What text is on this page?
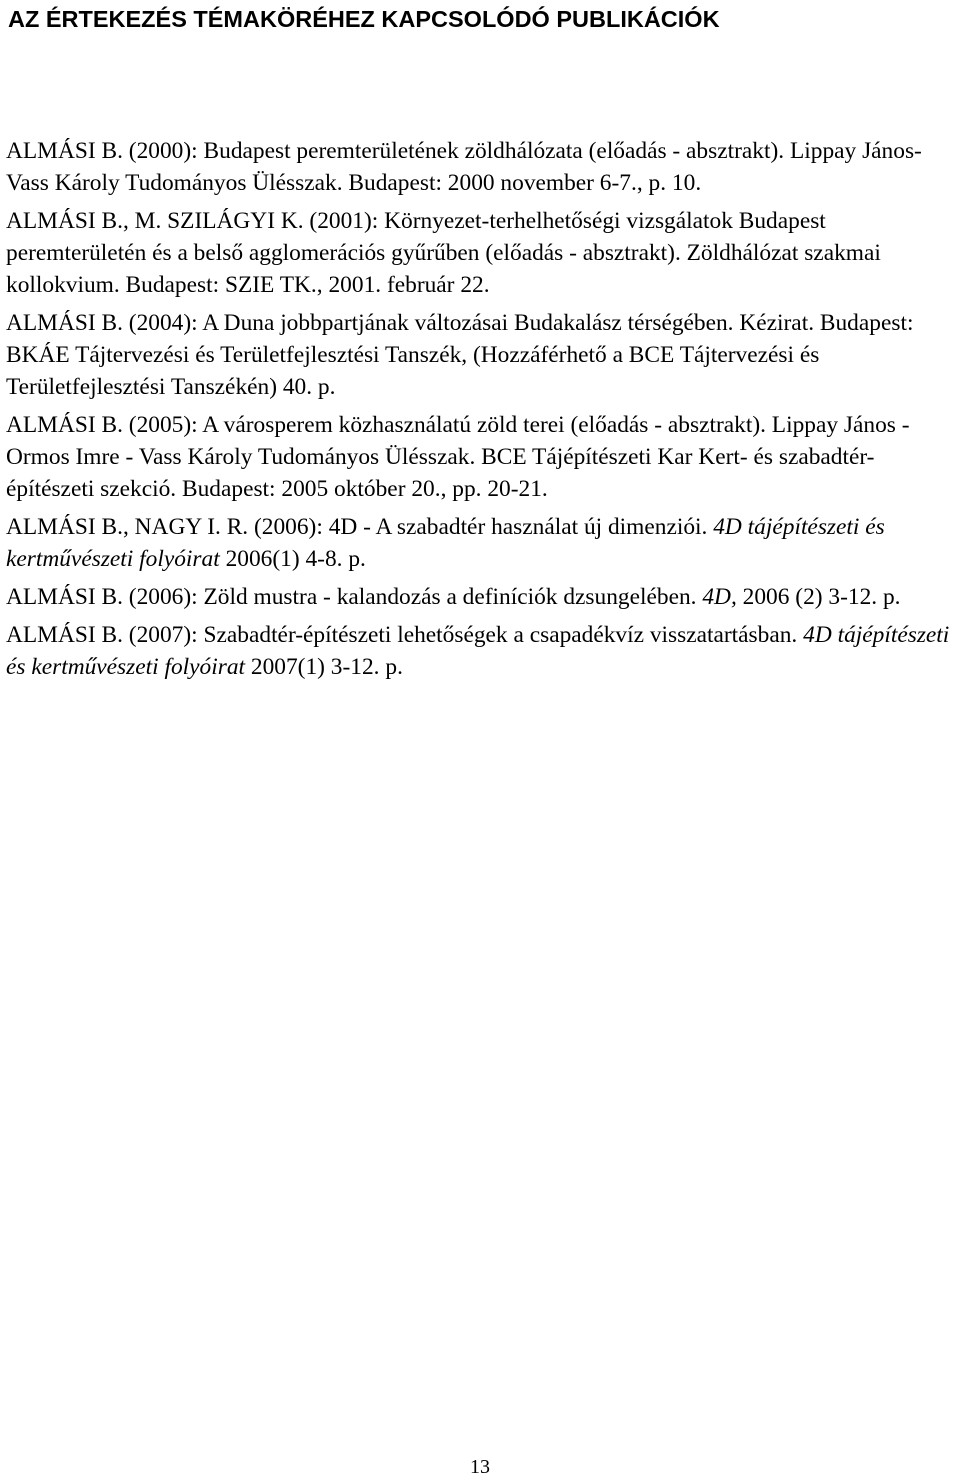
AZ ÉRTEKEZÉS TÉMAKÖRÉHEZ KAPCSOLÓDÓ PUBLIKÁCIÓK

ALMÁSI B. (2000): Budapest peremterületének zöldhálózata (előadás - absztrakt). Lippay János-Vass Károly Tudományos Ülésszak. Budapest: 2000 november 6-7., p. 10.

ALMÁSI B., M. SZILÁGYI K. (2001): Környezet-terhelhetőségi vizsgálatok Budapest peremterületén és a belső agglomerációs gyűrűben (előadás - absztrakt). Zöldhálózat szakmai kollokvium. Budapest: SZIE TK., 2001. február 22.

ALMÁSI B. (2004): A Duna jobbpartjának változásai Budakalász térségében. Kézirat. Budapest: BKÁE Tájtervezési és Területfejlesztési Tanszék, (Hozzáférhető a BCE Tájtervezési és Területfejlesztési Tanszékén) 40. p.

ALMÁSI B. (2005): A városperem közhasználatú zöld terei (előadás - absztrakt). Lippay János - Ormos Imre - Vass Károly Tudományos Ülésszak. BCE Tájépítészeti Kar Kert- és szabadtér-építészeti szekció. Budapest: 2005 október 20., pp. 20-21.

ALMÁSI B., NAGY I. R. (2006): 4D - A szabadtér használat új dimenziói. 4D tájépítészeti és kertművészeti folyóirat 2006(1) 4-8. p.

ALMÁSI B. (2006): Zöld mustra - kalandozás a definíciók dzsungelében. 4D, 2006 (2) 3-12. p.

ALMÁSI B. (2007): Szabadtér-építészeti lehetőségek a csapadékvíz visszatartásban. 4D tájépítészeti és kertművészeti folyóirat 2007(1) 3-12. p.

13
